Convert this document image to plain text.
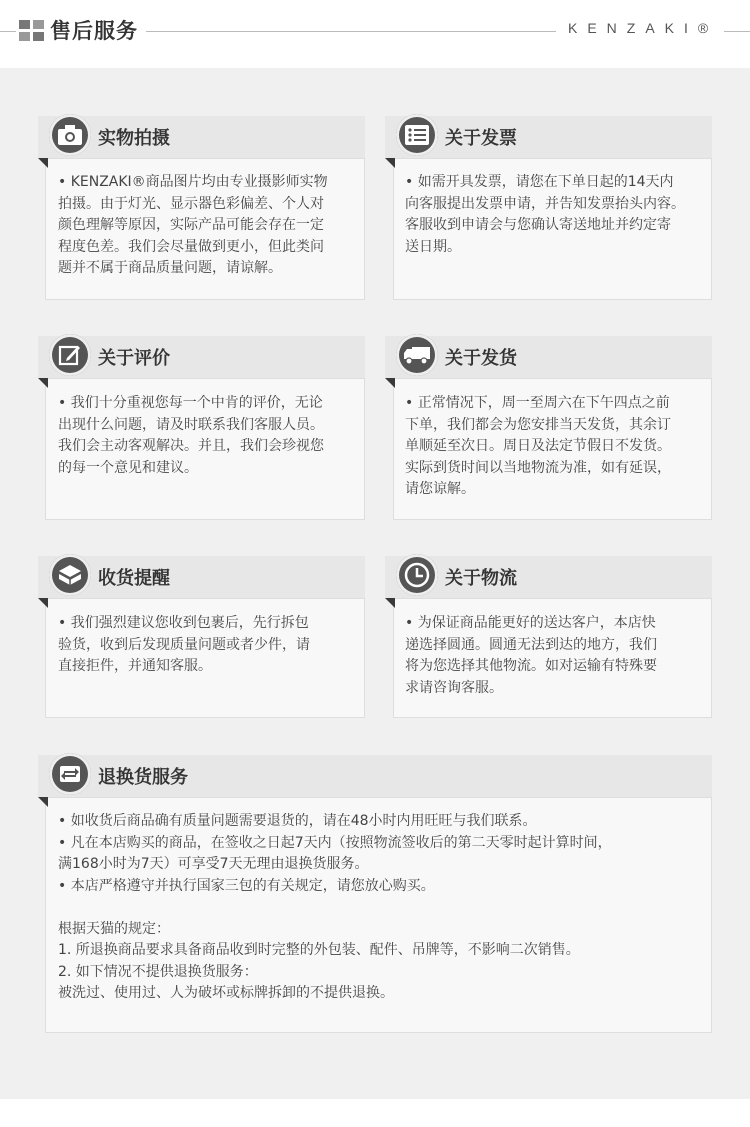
售后服务	KENZAKI®
实物拍摄
• KENZAKI®商品图片均由专业摄影师实物
拍摄。由于灯光、显示器色彩偏差、个人对
颜色理解等原因，实际产品可能会存在一定
程度色差。我们会尽量做到更小，但此类问
题并不属于商品质量问题，请谅解。
关于发票
• 如需开具发票，请您在下单日起的14天内
向客服提出发票申请，并告知发票抬头内容。
客服收到申请会与您确认寄送地址并约定寄
送日期。
关于评价
• 我们十分重视您每一个中肯的评价，无论
出现什么问题，请及时联系我们客服人员。
我们会主动客观解决。并且，我们会珍视您
的每一个意见和建议。
关于发货
• 正常情况下，周一至周六在下午四点之前
下单，我们都会为您安排当天发货，其余订
单顺延至次日。周日及法定节假日不发货。
实际到货时间以当地物流为准，如有延误，
请您谅解。
收货提醒
• 我们强烈建议您收到包裹后，先行拆包
验货，收到后发现质量问题或者少件，请
直接拒件，并通知客服。
关于物流
• 为保证商品能更好的送达客户，本店快
递选择圆通。圆通无法到达的地方，我们
将为您选择其他物流。如对运输有特殊要
求请咨询客服。
退换货服务
• 如收货后商品确有质量问题需要退货的，请在48小时内用旺旺与我们联系。
• 凡在本店购买的商品，在签收之日起7天内（按照物流签收后的第二天零时起计算时间，
满168小时为7天）可享受7天无理由退换货服务。
• 本店严格遵守并执行国家三包的有关规定，请您放心购买。
根据天猫的规定：
1. 所退换商品要求具备商品收到时完整的外包装、配件、吊牌等，不影响二次销售。
2. 如下情况不提供退换货服务：
被洗过、使用过、人为破坏或标牌拆卸的不提供退换。
